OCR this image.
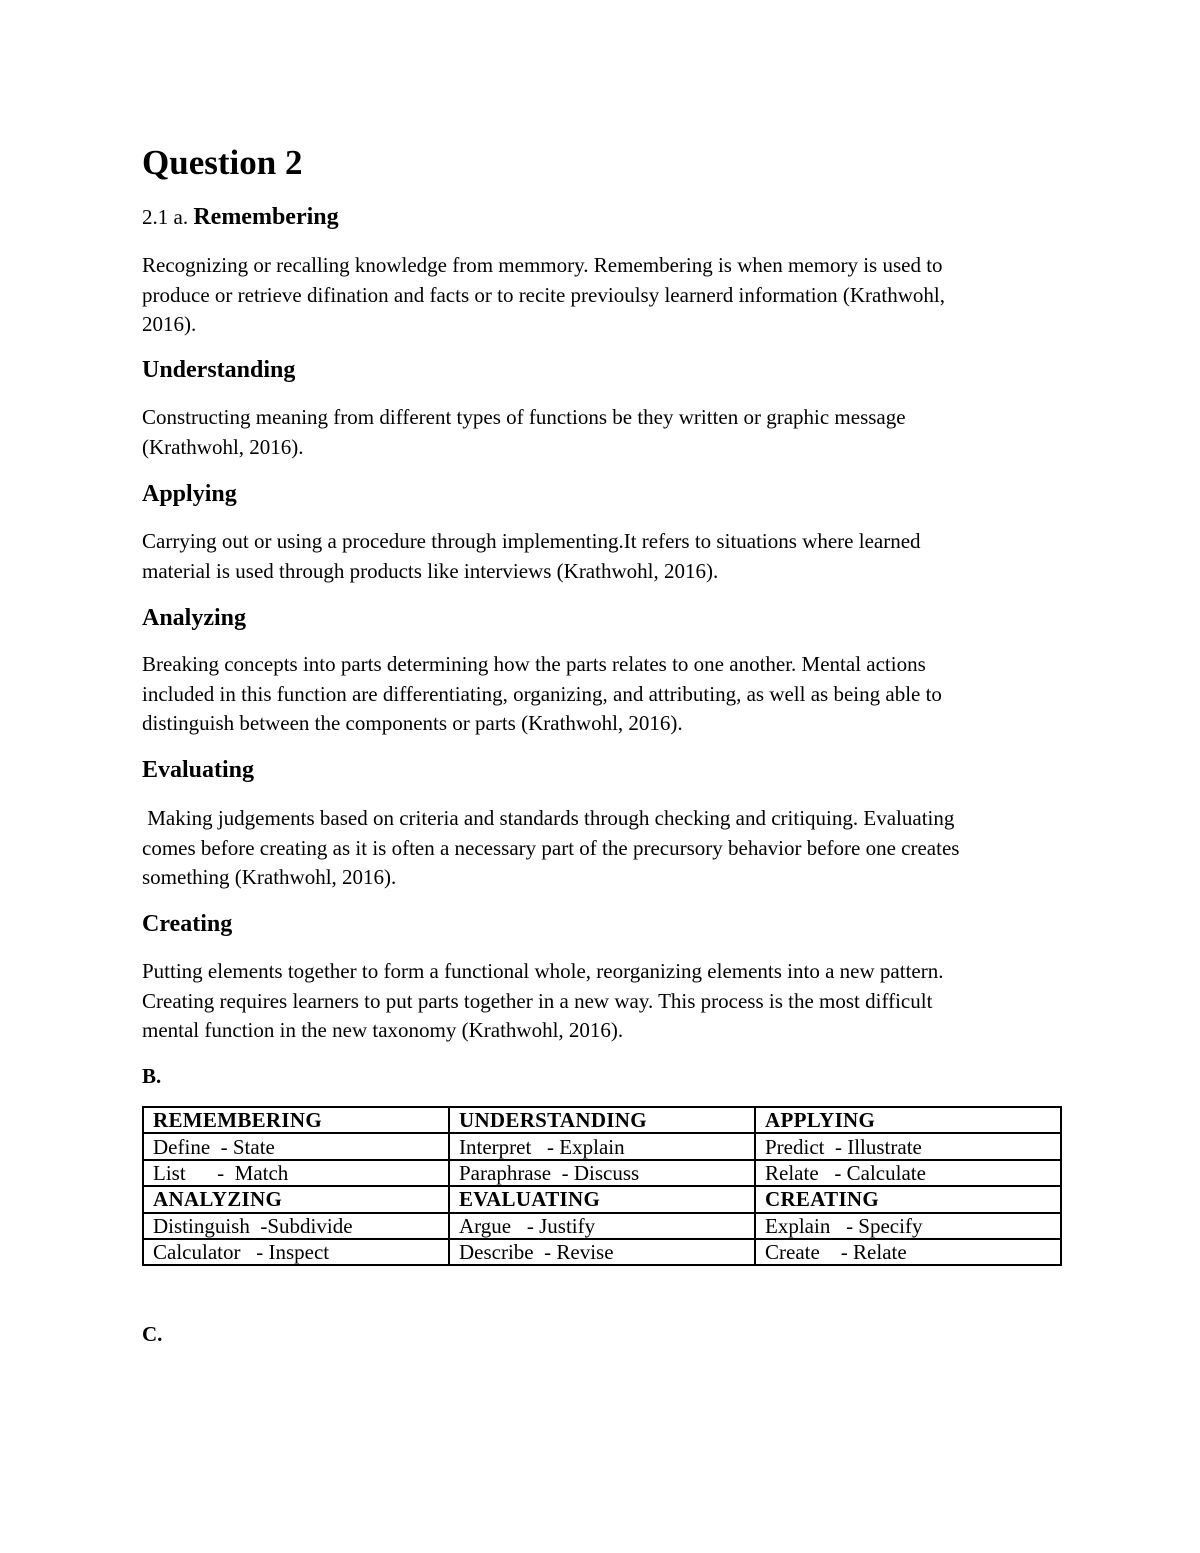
Question 2
2.1 a. Remembering
Recognizing or recalling knowledge from memmory. Remembering is when memory is used to
produce or retrieve difination and facts or to recite previoulsy learnerd information (Krathwohl,
2016).
Understanding
Constructing meaning from different types of functions be they written or graphic message
(Krathwohl, 2016).
Applying
Carrying out or using a procedure through implementing.It refers to situations where learned
material is used through products like interviews (Krathwohl, 2016).
Analyzing
Breaking concepts into parts determining how the parts relates to one another. Mental actions
included in this function are differentiating, organizing, and attributing, as well as being able to
distinguish between the components or parts (Krathwohl, 2016).
Evaluating
Making judgements based on criteria and standards through checking and critiquing. Evaluating
comes before creating as it is often a necessary part of the precursory behavior before one creates
something (Krathwohl, 2016).
Creating
Putting elements together to form a functional whole, reorganizing elements into a new pattern.
Creating requires learners to put parts together in a new way. This process is the most difficult
mental function in the new taxonomy (Krathwohl, 2016).
B.
REMEMBERING	UNDERSTANDING	APPLYING
Define  - State	Interpret   - Explain	Predict  - Illustrate
List      -  Match	Paraphrase  - Discuss	Relate   - Calculate
ANALYZING	EVALUATING	CREATING
Distinguish  -Subdivide	Argue   - Justify	Explain   - Specify
Calculator   - Inspect	Describe  - Revise	Create    - Relate
C.
